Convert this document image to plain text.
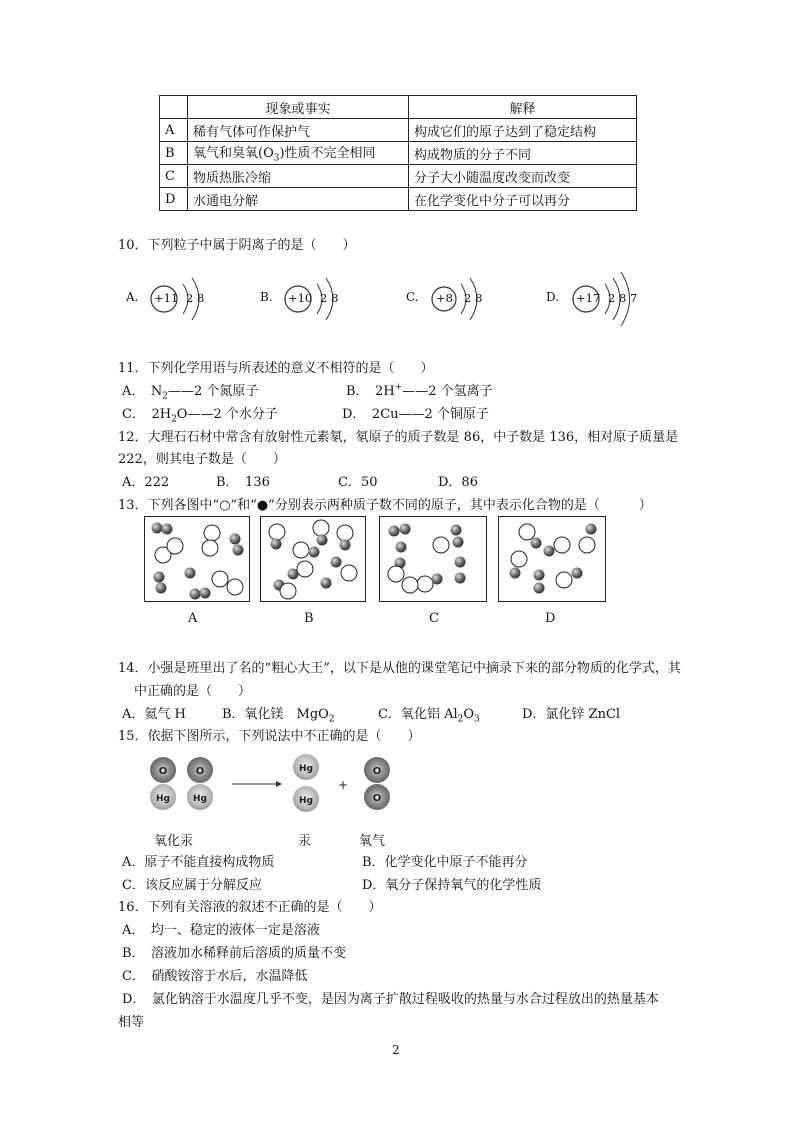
	现象或事实	解释
A	稀有气体可作保护气	构成它们的原子达到了稳定结构
B	氧气和臭氧$(O_3)$性质不完全相同	构成物质的分子不同
C	物质热胀冷缩	分子大小随温度改变而改变
D	水通电分解	在化学变化中分子可以再分
10．下列粒子中属于阴离子的是（　　）
A. +11 2 8	B. +10 2 8	C. +8 2 8	D. +17 2 8 7
11．下列化学用语与所表述的意义不相符的是（　　）
A．　$N_2——2$ 个氮原子	B．　2H+——2 个氢离子
C．　$2H_2O——2$ 个水分子	D．　2Cu——2 个铜原子
12．大理石石材中常含有放射性元素氡，氡原子的质子数是 86，中子数是 136，相对原子质量是
222，则其电子数是（　　）
A．222	B．　136	C．50	D．86
13．下列各图中“○”和“●”分别表示两种质子数不同的原子，其中表示化合物的是（　　　）
A	B	C	D
14．小强是班里出了名的“粗心大王”，以下是从他的课堂笔记中摘录下来的部分物质的化学式，其
中正确的是（　　）
A．氦气 H	B．氧化镁　MgO$_2$	C．氧化铝 $Al_2O_3$	D．氯化锌 ZnCl
15．依据下图所示，下列说法中不正确的是（　　）
O
Hg
O
Hg
Hg
Hg
+
O
O
氧化汞	汞	氧气
A．原子不能直接构成物质	B．化学变化中原子不能再分
C．该反应属于分解反应	D．氧分子保持氧气的化学性质
16．下列有关溶液的叙述不正确的是（　　）
A．　均一、稳定的液体一定是溶液
B．　溶液加水稀释前后溶质的质量不变
C．　硝酸铵溶于水后，水温降低
D．　氯化钠溶于水温度几乎不变，是因为离子扩散过程吸收的热量与水合过程放出的热量基本
相等
2
